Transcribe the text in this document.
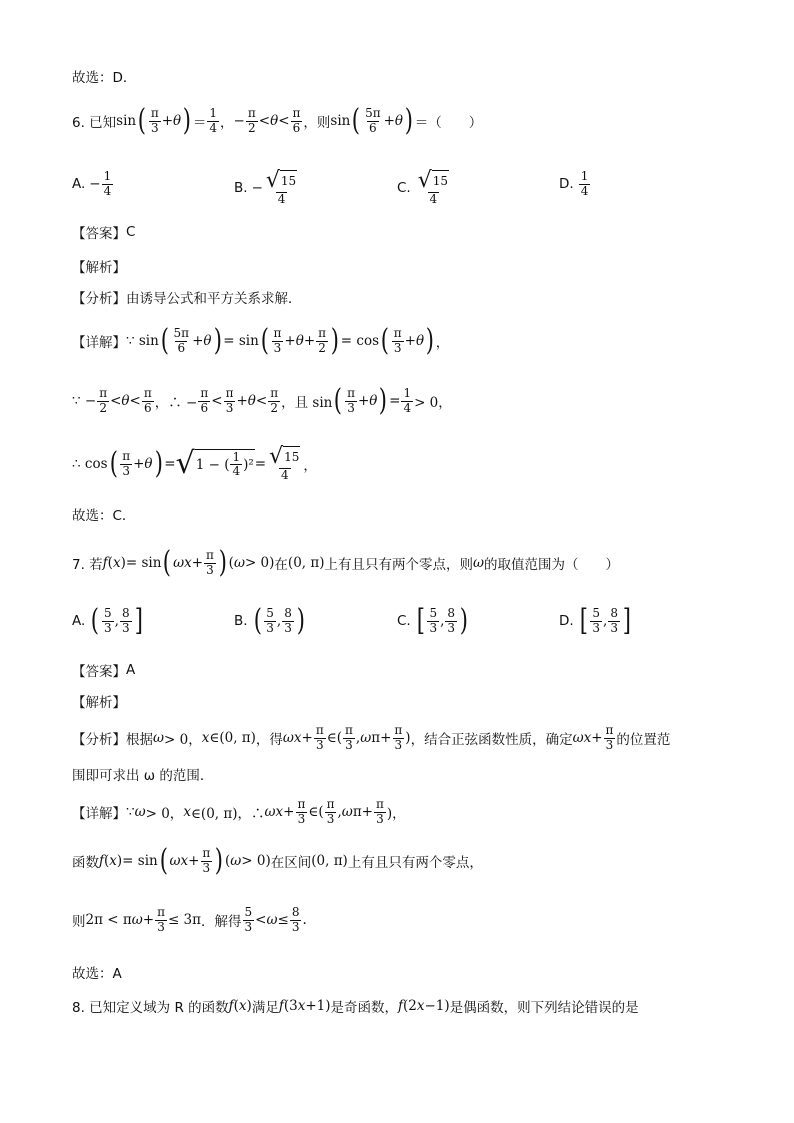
故选：D．
6. 已知 sin ( $\frac{\pi}{3} + \theta$ ) ＝ $\frac{1}{4}$ ， − $\frac{\pi}{2} < \theta < \frac{\pi}{6}$ ，则 sin ( $\frac{5\pi}{6} + \theta$ ) ＝（　　）
A. − $\frac{1}{4}$	B. − $\frac{√ 15}{4}$	C. $\frac{√ 15}{4}$	D. $\frac{1}{4}$
【答案】 C
【解析】
【分析】 由诱导公式和平方关系求解．
【详解】 ∵ sin ( $\frac{5\pi}{6} + \theta$ ) = sin ( $\frac{\pi}{3} + \theta + \frac{\pi}{2}$ ) = cos ( $\frac{\pi}{3} + \theta$ ) ，
∵ − $\frac{\pi}{2} < \theta < \frac{\pi}{6}$ ，∴ − $\frac{\pi}{6} < \frac{\pi}{3} + \theta < \frac{\pi}{2}$ ，且 sin ( $\frac{\pi}{3} + \theta$ ) = $\frac{1}{4} > 0$，
∴ cos ( $\frac{\pi}{3} + \theta$ ) = √ 1 − ( $\frac{1}{4} )^2 = \frac{√ 15}{4}$ ，
故选：C．
7. 若 f ( x )= sin ( $\omega x + \frac{\pi}{3}$ ) ( ω > 0) 在 (0, π) 上有且只有两个零点，则 ω 的取值范围为（　　）
A. ( $\frac{5}{3}$ , $\frac{8}{3}$ ]	B. ( $\frac{5}{3}$ , $\frac{8}{3}$ )	C. [ $\frac{5}{3}$ , $\frac{8}{3}$ )	D. [ $\frac{5}{3}$ , $\frac{8}{3}$ ]
【答案】 A
【解析】
【分析】 根据 ω > 0， x ∈(0, π) ，得 $\omega x + \frac{\pi}{3}$ ∈( $\frac{\pi}{3}$ , ω $\pi+ \frac{\pi}{3}$ ) ，结合正弦函数性质，确定 $\omega x + \frac{\pi}{3}$ 的位置范
围即可求出 ω 的范围．
【详解】 ∵ ω > 0， x ∈(0, π)，∴ $\omega x + \frac{\pi}{3}$ ∈( $\frac{\pi}{3}$ , ω $\pi+ \frac{\pi}{3}$ )，
函数 f ( x )= sin ( $\omega x + \frac{\pi}{3}$ ) ( ω > 0) 在区间 (0, π) 上有且只有两个零点，
则 2π < π $\omega + \frac{\pi}{3} \le 3\pi$ ．解得 $\frac{5}{3} < \omega \le \frac{8}{3}$ .
故选：A
8. 已知定义域为 R 的函数 f ( x ) 满足 f (3 x +1) 是奇函数， f (2 x −1) 是偶函数，则下列结论错误的是
